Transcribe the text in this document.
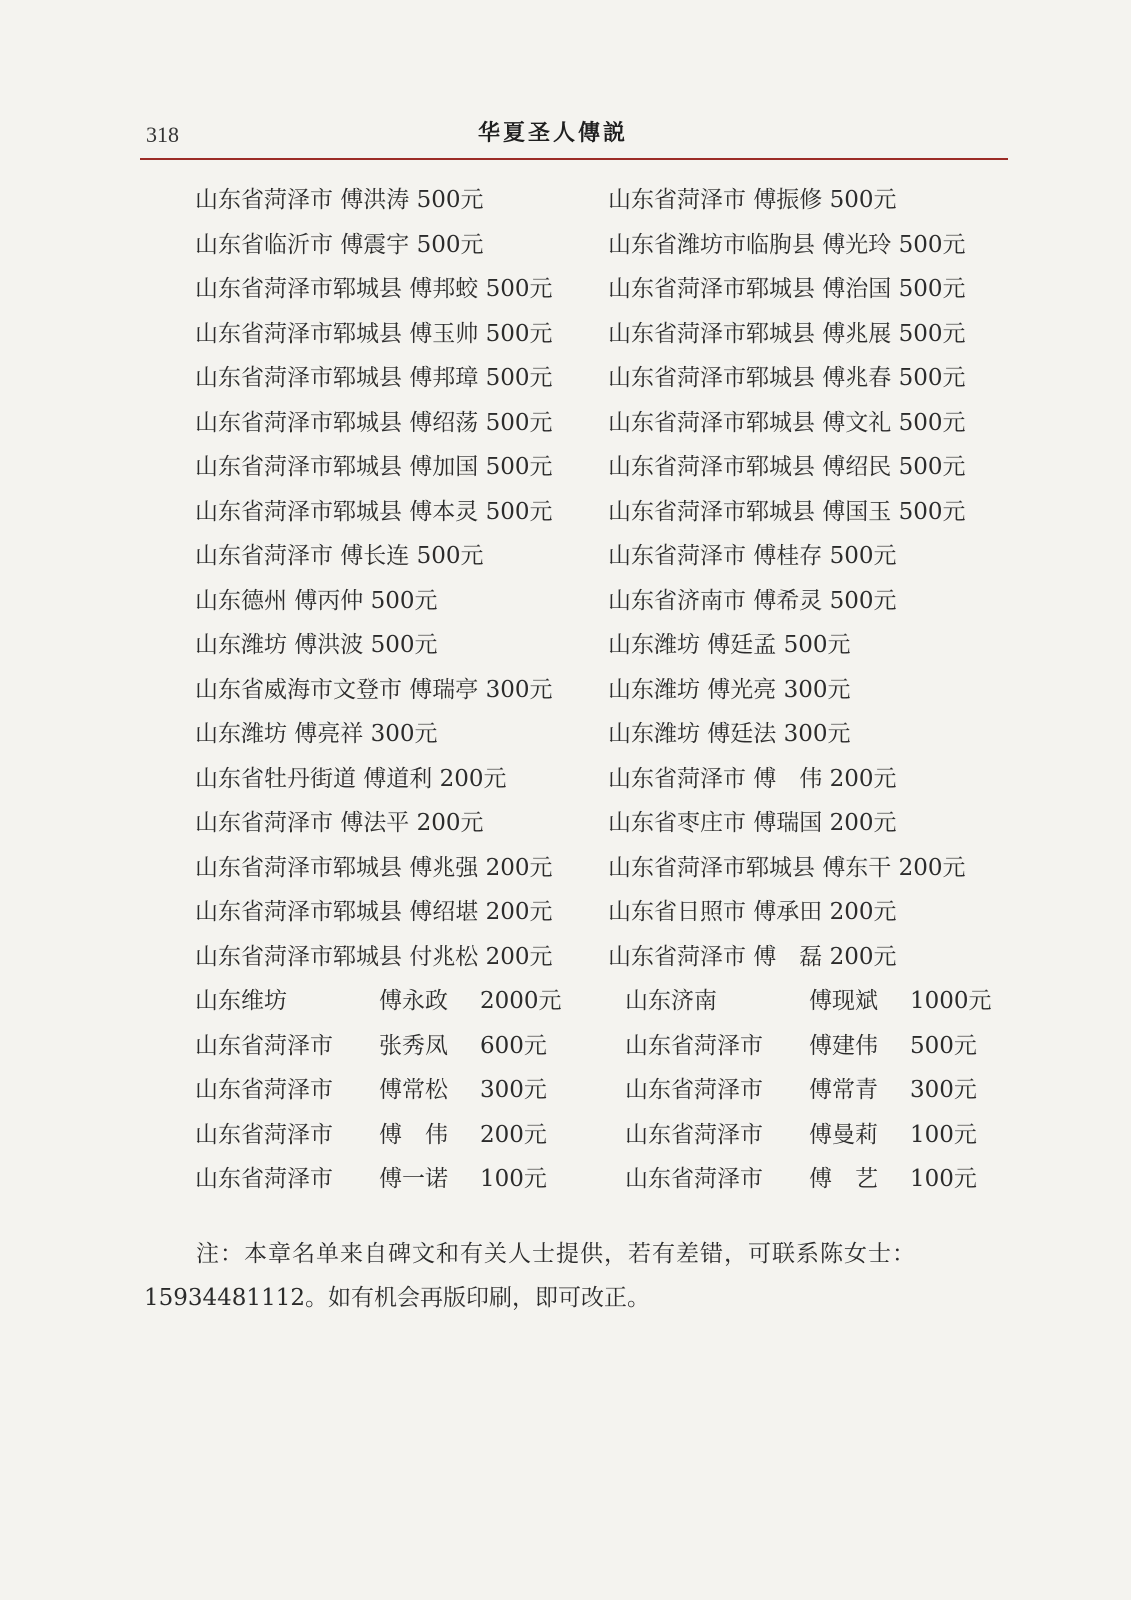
318	华夏圣人傳説
山东省菏泽市 傅洪涛 500元	山东省菏泽市 傅振修 500元
山东省临沂市 傅震宇 500元	山东省潍坊市临朐县 傅光玲 500元
山东省菏泽市郓城县 傅邦蛟 500元 山东省菏泽市郓城县 傅治国 500元
山东省菏泽市郓城县 傅玉帅 500元 山东省菏泽市郓城县 傅兆展 500元
山东省菏泽市郓城县 傅邦璋 500元 山东省菏泽市郓城县 傅兆春 500元
山东省菏泽市郓城县 傅绍荡 500元 山东省菏泽市郓城县 傅文礼 500元
山东省菏泽市郓城县 傅加国 500元 山东省菏泽市郓城县 傅绍民 500元
山东省菏泽市郓城县 傅本灵 500元 山东省菏泽市郓城县 傅国玉 500元
山东省菏泽市 傅长连 500元	山东省菏泽市 傅桂存 500元
山东德州 傅丙仲 500元	山东省济南市 傅希灵 500元
山东潍坊 傅洪波 500元	山东潍坊 傅廷孟 500元
山东省威海市文登市 傅瑞亭 300元 山东潍坊 傅光亮 300元
山东潍坊 傅亮祥 300元	山东潍坊 傅廷法 300元
山东省牡丹街道 傅道利 200元	山东省菏泽市 傅　伟 200元
山东省菏泽市 傅法平 200元	山东省枣庄市 傅瑞国 200元
山东省菏泽市郓城县 傅兆强 200元 山东省菏泽市郓城县 傅东干 200元
山东省菏泽市郓城县 傅绍堪 200元 山东省日照市 傅承田 200元
山东省菏泽市郓城县 付兆松 200元 山东省菏泽市 傅　磊 200元
山东维坊	傅永政 2000元	山东济南	傅现斌 1000元
山东省菏泽市 张秀凤 600元	山东省菏泽市 傅建伟 500元
山东省菏泽市 傅常松 300元	山东省菏泽市 傅常青 300元
山东省菏泽市 傅　伟 200元	山东省菏泽市 傅曼莉 100元
山东省菏泽市 傅一诺 100元	山东省菏泽市 傅　艺 100元
注：本章名单来自碑文和有关人士提供，若有差错，可联系陈女士：
15934481112。如有机会再版印刷，即可改正。
